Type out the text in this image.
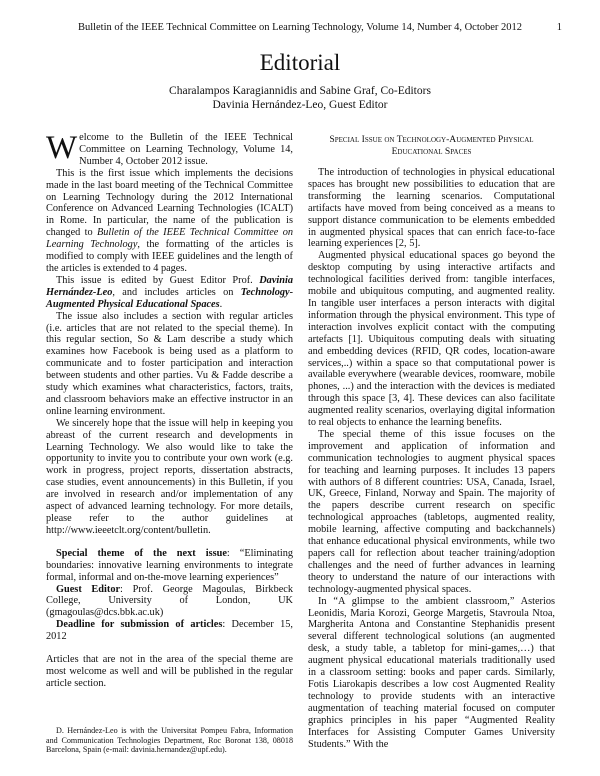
Bulletin of the IEEE Technical Committee on Learning Technology, Volume 14, Number 4, October 2012	1
Editorial
Charalampos Karagiannidis and Sabine Graf, Co-Editors
Davinia Hernández-Leo, Guest Editor

Welcome to the Bulletin of the IEEE Technical Committee on Learning Technology, Volume 14, Number 4, October 2012 issue.

This is the first issue which implements the decisions made in the last board meeting of the Technical Committee on Learning Technology during the 2012 International Conference on Advanced Learning Technologies (ICALT) in Rome. In particular, the name of the publication is changed to Bulletin of the IEEE Technical Committee on Learning Technology, the formatting of the articles is modified to comply with IEEE guidelines and the length of the articles is extended to 4 pages.

This issue is edited by Guest Editor Prof. Davinia Hernández-Leo, and includes articles on Technology-Augmented Physical Educational Spaces.

The issue also includes a section with regular articles (i.e. articles that are not related to the special theme). In this regular section, So & Lam describe a study which examines how Facebook is being used as a platform to communicate and to foster participation and interaction between students and other parties. Vu & Fadde describe a study which examines what characteristics, factors, traits, and classroom behaviors make an effective instructor in an online learning environment.

We sincerely hope that the issue will help in keeping you abreast of the current research and developments in Learning Technology. We also would like to take the opportunity to invite you to contribute your own work (e.g. work in progress, project reports, dissertation abstracts, case studies, event announcements) in this Bulletin, if you are involved in research and/or implementation of any aspect of advanced learning technology. For more details, please refer to the author guidelines at http://www.ieeetclt.org/content/bulletin.

Special theme of the next issue: “Eliminating boundaries: innovative learning environments to integrate formal, informal and on-the-move learning experiences”

Guest Editor: Prof. George Magoulas, Birkbeck College, University of London, UK (gmagoulas@dcs.bbk.ac.uk)

Deadline for submission of articles: December 15, 2012

Articles that are not in the area of the special theme are most welcome as well and will be published in the regular article section.

D. Hernández-Leo is with the Universitat Pompeu Fabra, Information and Communication Technologies Department, Roc Boronat 138, 08018 Barcelona, Spain (e-mail: davinia.hernandez@upf.edu).
Special Issue on Technology-Augmented Physical
Educational Spaces

The introduction of technologies in physical educational spaces has brought new possibilities to education that are transforming the learning scenarios. Computational artifacts have moved from being conceived as a means to support distance communication to be elements embedded in augmented physical spaces that can enrich face-to-face learning experiences [2, 5].

Augmented physical educational spaces go beyond the desktop computing by using interactive artifacts and technological facilities derived from: tangible interfaces, mobile and ubiquitous computing, and augmented reality. In tangible user interfaces a person interacts with digital information through the physical environment. This type of interaction involves explicit contact with the computing artefacts [1]. Ubiquitous computing deals with situating and embedding devices (RFID, QR codes, location-aware services,..) within a space so that computational power is available everywhere (wearable devices, roomware, mobile phones, ...) and the interaction with the devices is mediated through this space [3, 4]. These devices can also facilitate augmented reality scenarios, overlaying digital information to real objects to enhance the learning benefits.

The special theme of this issue focuses on the improvement and application of information and communication technologies to augment physical spaces for teaching and learning purposes. It includes 13 papers with authors of 8 different countries: USA, Canada, Israel, UK, Greece, Finland, Norway and Spain. The majority of the papers describe current research on specific technological approaches (tabletops, augmented reality, mobile learning, affective computing and backchannels) that enhance educational physical environments, while two papers call for reflection about teacher training/adoption challenges and the need of further advances in learning theory to understand the nature of our interactions with technology-augmented physical spaces.

In “A glimpse to the ambient classroom,” Asterios Leonidis, Maria Korozi, George Margetis, Stavroula Ntoa, Margherita Antona and Constantine Stephanidis present several different technological solutions (an augmented desk, a study table, a tabletop for mini-games,…) that augment physical educational materials traditionally used in a classroom setting: books and paper cards. Similarly, Fotis Liarokapis describes a low cost Augmented Reality technology to provide students with an interactive augmentation of teaching material focused on computer graphics principles in his paper “Augmented Reality Interfaces for Assisting Computer Games University Students.” With the
